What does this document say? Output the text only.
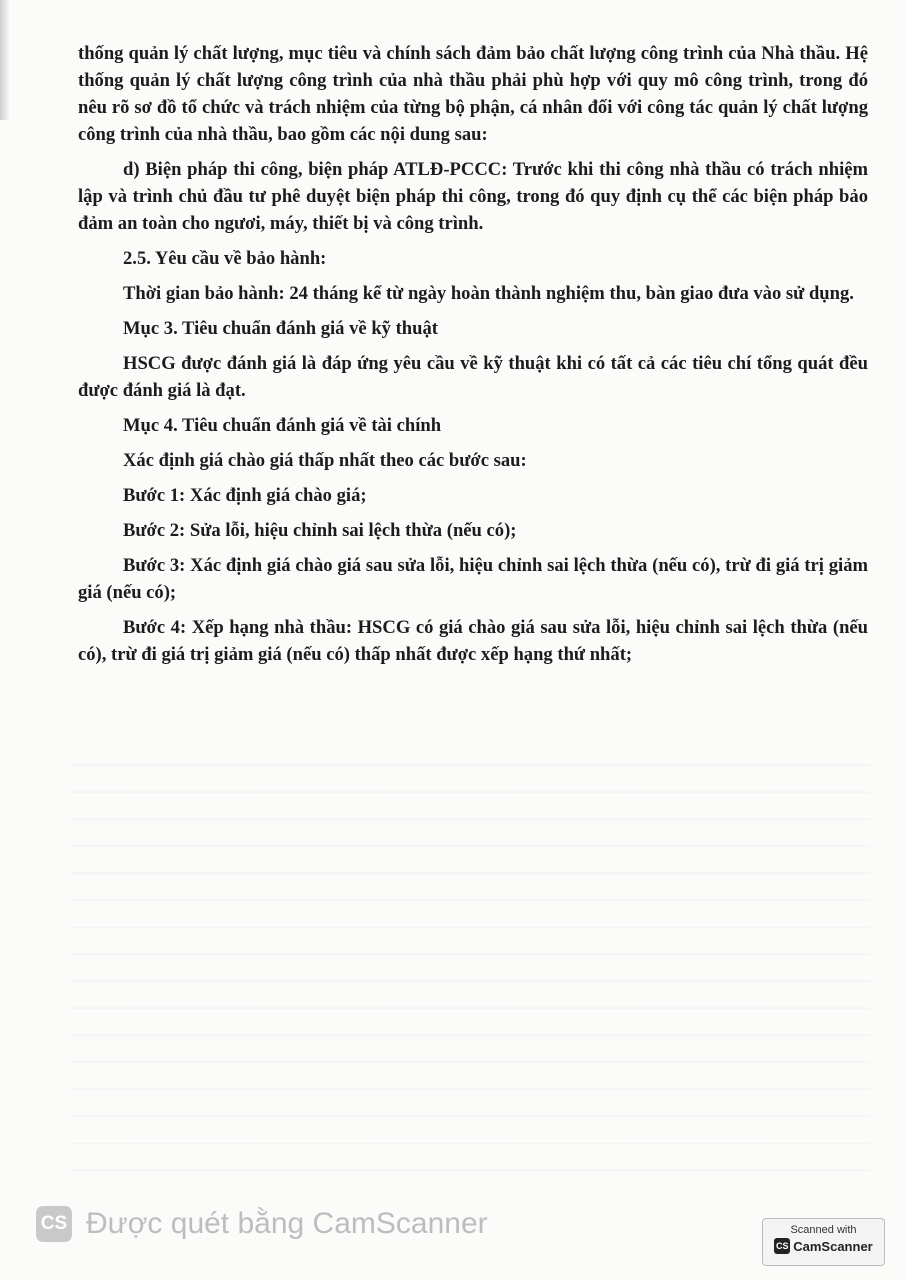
thống quản lý chất lượng, mục tiêu và chính sách đảm bảo chất lượng công trình của Nhà thầu. Hệ thống quản lý chất lượng công trình của nhà thầu phải phù hợp với quy mô công trình, trong đó nêu rõ sơ đồ tổ chức và trách nhiệm của từng bộ phận, cá nhân đối với công tác quản lý chất lượng công trình của nhà thầu, bao gồm các nội dung sau:

d) Biện pháp thi công, biện pháp ATLĐ-PCCC: Trước khi thi công nhà thầu có trách nhiệm lập và trình chủ đầu tư phê duyệt biện pháp thi công, trong đó quy định cụ thể các biện pháp bảo đảm an toàn cho ngươi, máy, thiết bị và công trình.

2.5. Yêu cầu về bảo hành:

Thời gian bảo hành: 24 tháng kể từ ngày hoàn thành nghiệm thu, bàn giao đưa vào sử dụng.

Mục 3. Tiêu chuẩn đánh giá về kỹ thuật

HSCG được đánh giá là đáp ứng yêu cầu về kỹ thuật khi có tất cả các tiêu chí tổng quát đều được đánh giá là đạt.

Mục 4. Tiêu chuẩn đánh giá về tài chính

Xác định giá chào giá thấp nhất theo các bước sau:

Bước 1: Xác định giá chào giá;

Bước 2: Sửa lỗi, hiệu chỉnh sai lệch thừa (nếu có);

Bước 3: Xác định giá chào giá sau sửa lỗi, hiệu chỉnh sai lệch thừa (nếu có), trừ đi giá trị giảm giá (nếu có);

Bước 4: Xếp hạng nhà thầu: HSCG có giá chào giá sau sửa lỗi, hiệu chỉnh sai lệch thừa (nếu có), trừ đi giá trị giảm giá (nếu có) thấp nhất được xếp hạng thứ nhất;

CS Được quét bằng CamScanner	Scanned with
CS CamScanner
